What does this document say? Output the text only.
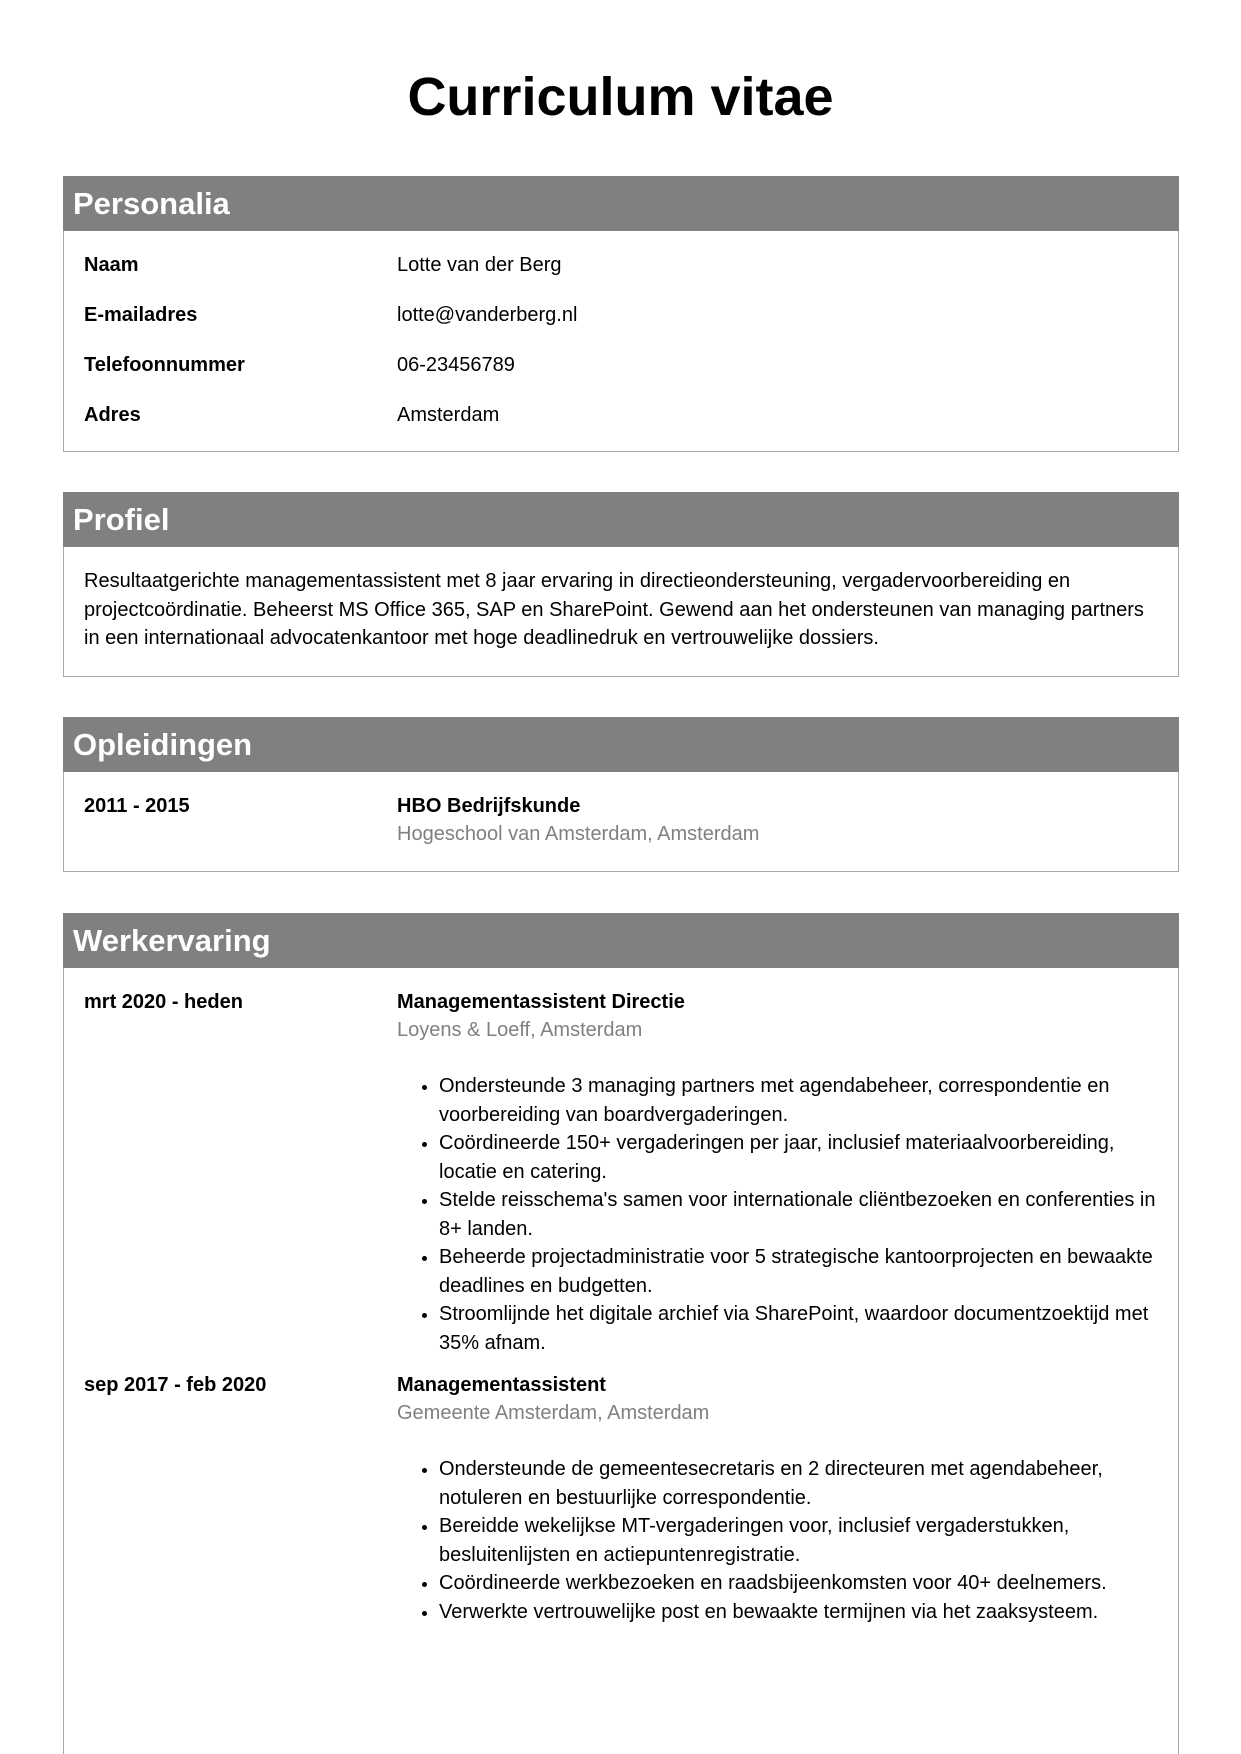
Curriculum vitae
Personalia
Naam	Lotte van der Berg
E-mailadres	lotte@vanderberg.nl
Telefoonnummer	06-23456789
Adres	Amsterdam
Profiel

Resultaatgerichte managementassistent met 8 jaar ervaring in directieondersteuning, vergadervoorbereiding en projectcoördinatie. Beheerst MS Office 365, SAP en SharePoint. Gewend aan het ondersteunen van managing partners in een internationaal advocatenkantoor met hoge deadlinedruk en vertrouwelijke dossiers.

Opleidingen
2011 - 2015	HBO Bedrijfskunde
Hogeschool van Amsterdam, Amsterdam
Werkervaring
mrt 2020 - heden	Managementassistent Directie
Loyens & Loeff, Amsterdam
• Ondersteunde 3 managing partners met agendabeheer, correspondentie en voorbereiding van boardvergaderingen.
• Coördineerde 150+ vergaderingen per jaar, inclusief materiaalvoorbereiding, locatie en catering.
• Stelde reisschema's samen voor internationale cliëntbezoeken en conferenties in 8+ landen.
• Beheerde projectadministratie voor 5 strategische kantoorprojecten en bewaakte deadlines en budgetten.
• Stroomlijnde het digitale archief via SharePoint, waardoor documentzoektijd met 35% afnam.
sep 2017 - feb 2020	Managementassistent
Gemeente Amsterdam, Amsterdam
• Ondersteunde de gemeentesecretaris en 2 directeuren met agendabeheer, notuleren en bestuurlijke correspondentie.
• Bereidde wekelijkse MT-vergaderingen voor, inclusief vergaderstukken, besluitenlijsten en actiepuntenregistratie.
• Coördineerde werkbezoeken en raadsbijeenkomsten voor 40+ deelnemers.
• Verwerkte vertrouwelijke post en bewaakte termijnen via het zaaksysteem.
